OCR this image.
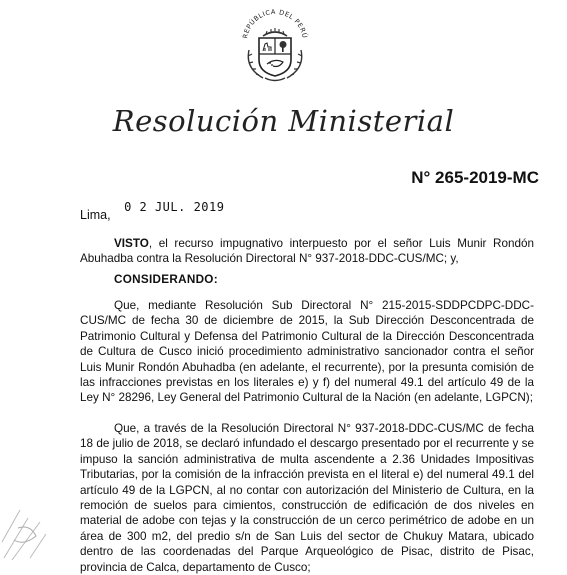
REPÚBLICA DEL PERÚ
Resolución Ministerial
N° 265-2019-MC
Lima, 0 2 JUL. 2019
VISTO, el recurso impugnativo interpuesto por el señor Luis Munir Rondón Abuhadba contra la Resolución Directoral N° 937-2018-DDC-CUS/MC; y,
CONSIDERANDO:
Que, mediante Resolución Sub Directoral N° 215-2015-SDDPCDPC-DDC-CUS/MC de fecha 30 de diciembre de 2015, la Sub Dirección Desconcentrada de Patrimonio Cultural y Defensa del Patrimonio Cultural de la Dirección Desconcentrada de Cultura de Cusco inició procedimiento administrativo sancionador contra el señor Luis Munir Rondón Abuhadba (en adelante, el recurrente), por la presunta comisión de las infracciones previstas en los literales e) y f) del numeral 49.1 del artículo 49 de la Ley N° 28296, Ley General del Patrimonio Cultural de la Nación (en adelante, LGPCN);
Que, a través de la Resolución Directoral N° 937-2018-DDC-CUS/MC de fecha 18 de julio de 2018, se declaró infundado el descargo presentado por el recurrente y se impuso la sanción administrativa de multa ascendente a 2.36 Unidades Impositivas Tributarias, por la comisión de la infracción prevista en el literal e) del numeral 49.1 del artículo 49 de la LGPCN, al no contar con autorización del Ministerio de Cultura, en la remoción de suelos para cimientos, construcción de edificación de dos niveles en material de adobe con tejas y la construcción de un cerco perimétrico de adobe en un área de 300 m2, del predio s/n de San Luis del sector de Chukuy Matara, ubicado dentro de las coordenadas del Parque Arqueológico de Pisac, distrito de Pisac, provincia de Calca, departamento de Cusco;
